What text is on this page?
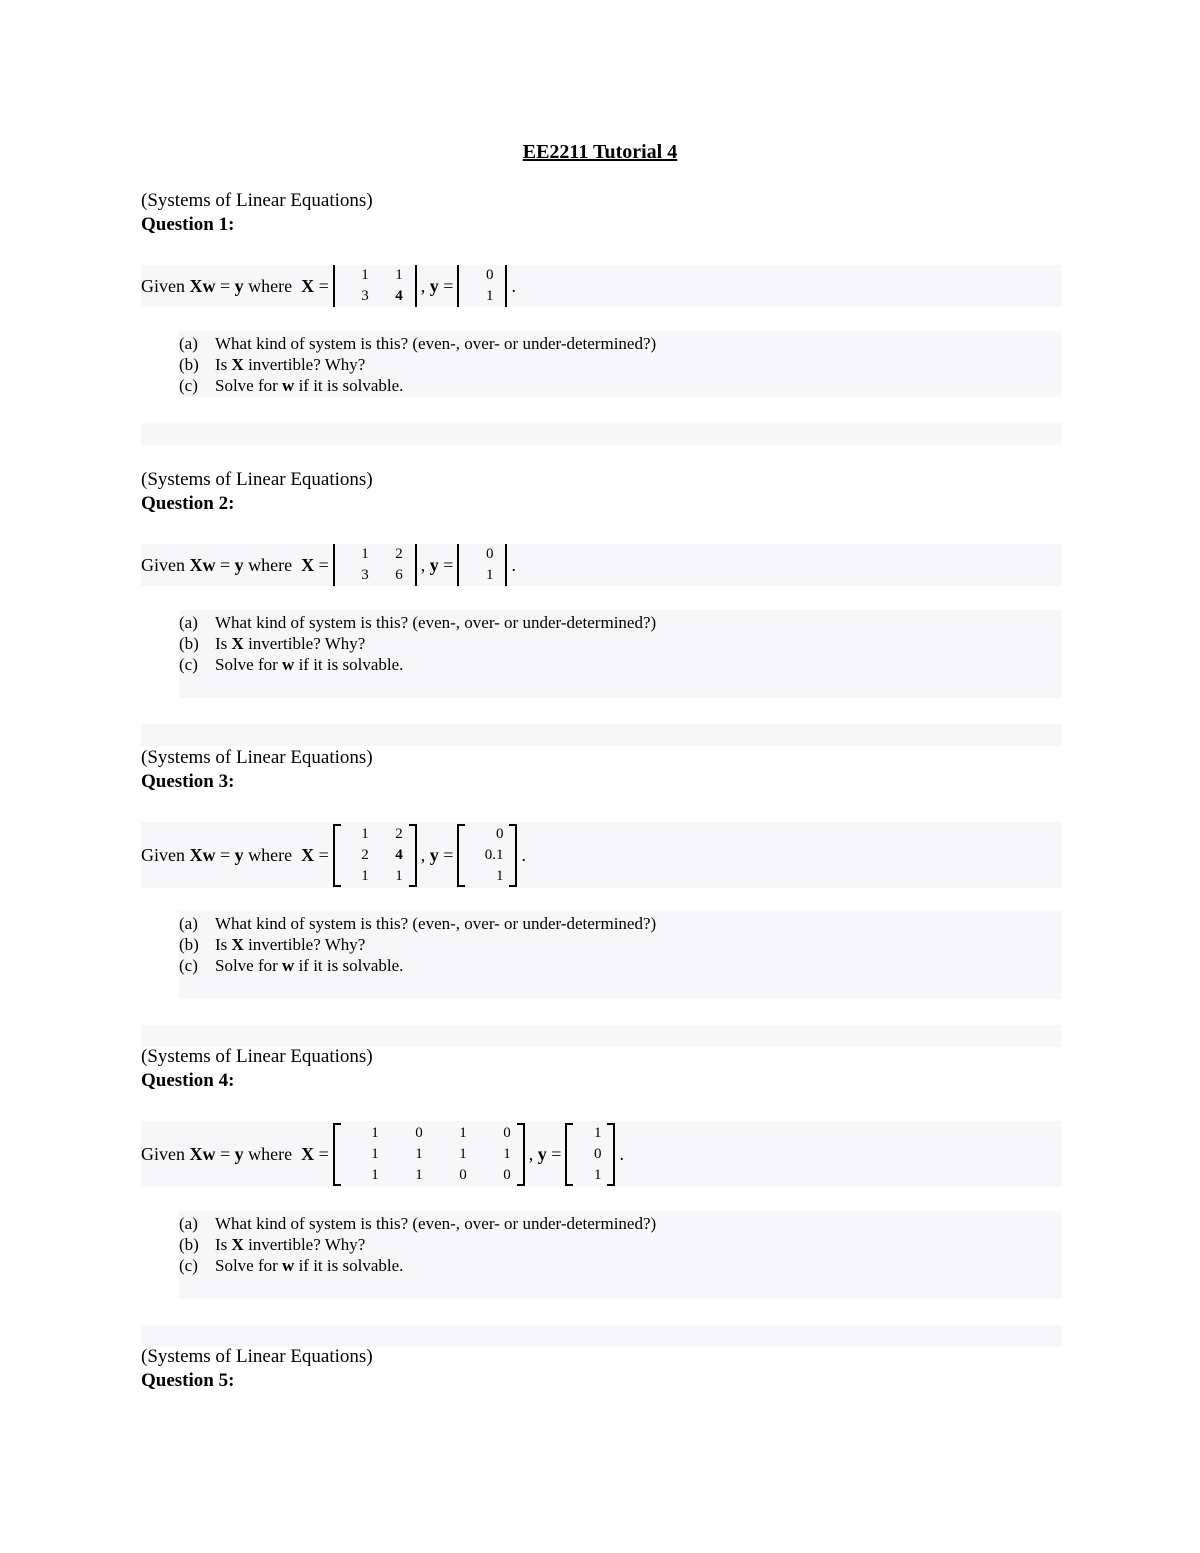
EE2211 Tutorial 4
(Systems of Linear Equations)
Question 1:
Given
Xw
=
y
where
X
=
1	1
3	4
,
y
=
0
1
.
(a)	What kind of system is this? (even-, over- or under-determined?)
(b) Is
X
invertible? Why?
(c)	Solve for
w
if it is solvable.
(Systems of Linear Equations)
Question 2:
Given
Xw
=
y
where
X
=
1	2
3	6
,
y
=
0
1
.
(a)	What kind of system is this? (even-, over- or under-determined?)
(b) Is
X
invertible? Why?
(c)	Solve for
w
if it is solvable.
(Systems of Linear Equations)
Question 3:
Given
Xw
=
y
where
X
=
1	2
2	4
1	1
,
y
=
0
0.1
1
.
(a)	What kind of system is this? (even-, over- or under-determined?)
(b) Is
X
invertible? Why?
(c)	Solve for
w
if it is solvable.
(Systems of Linear Equations)
Question 4:
Given
Xw
=
y
where
X
=
1	0	1	0
1	1	1	1
1	1	0	0
,
y
=
1
0
1
.
(a)	What kind of system is this? (even-, over- or under-determined?)
(b) Is
X
invertible? Why?
(c)	Solve for
w
if it is solvable.
(Systems of Linear Equations)
Question 5:
